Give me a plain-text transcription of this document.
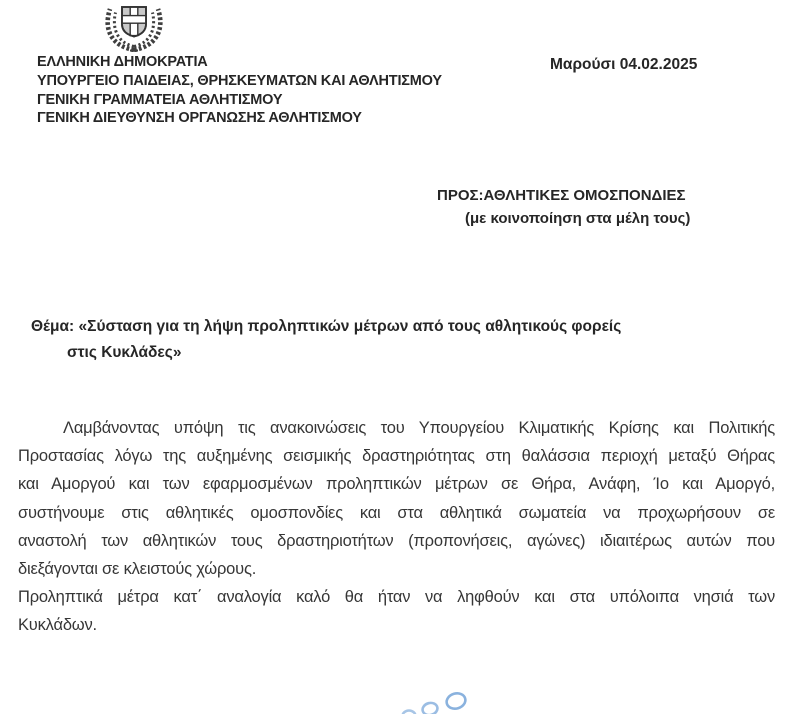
ΕΛΛΗΝΙΚΗ ΔΗΜΟΚΡΑΤΙΑ
ΥΠΟΥΡΓΕΙΟ ΠΑΙΔΕΙΑΣ, ΘΡΗΣΚΕΥΜΑΤΩΝ ΚΑΙ ΑΘΛΗΤΙΣΜΟΥ
ΓΕΝΙΚΗ ΓΡΑΜΜΑΤΕΙΑ ΑΘΛΗΤΙΣΜΟΥ
ΓΕΝΙΚΗ ΔΙΕΥΘΥΝΣΗ ΟΡΓΑΝΩΣΗΣ ΑΘΛΗΤΙΣΜΟΥ
Μαρούσι 04.02.2025
ΠΡΟΣ:ΑΘΛΗΤΙΚΕΣ ΟΜΟΣΠΟΝΔΙΕΣ
(με κοινοποίηση στα μέλη τους)
Θέμα: «Σύσταση για τη λήψη προληπτικών μέτρων από τους αθλητικούς φορείς
στις Κυκλάδες»
Λαμβάνοντας υπόψη τις ανακοινώσεις του Υπουργείου Κλιματικής Κρίσης και Πολιτικής
Προστασίας λόγω της αυξημένης σεισμικής δραστηριότητας στη θαλάσσια περιοχή μεταξύ Θήρας
και Αμοργού και των εφαρμοσμένων προληπτικών μέτρων σε Θήρα, Ανάφη, Ίο και Αμοργό,
συστήνουμε στις αθλητικές ομοσπονδίες και στα αθλητικά σωματεία να προχωρήσουν σε
αναστολή των αθλητικών τους δραστηριοτήτων (προπονήσεις, αγώνες) ιδιαιτέρως αυτών που
διεξάγονται σε κλειστούς χώρους.
Προληπτικά μέτρα κατ΄ αναλογία καλό θα ήταν να ληφθούν και στα υπόλοιπα νησιά των
Κυκλάδων.
